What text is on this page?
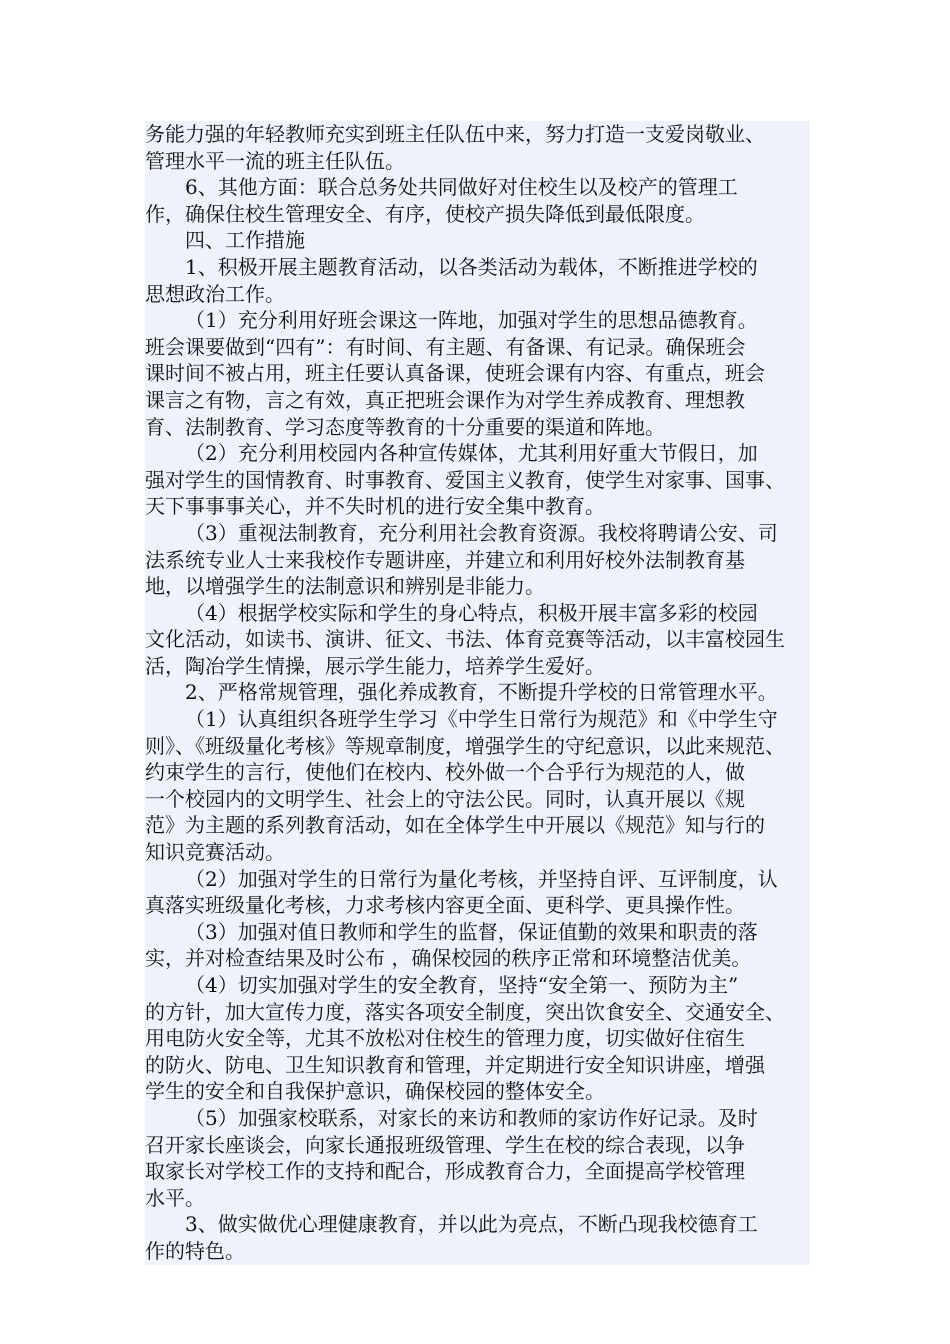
务能力强的年轻教师充实到班主任队伍中来，努力打造一支爱岗敬业、
管理水平一流的班主任队伍。
6、其他方面：联合总务处共同做好对住校生以及校产的管理工
作，确保住校生管理安全、有序，使校产损失降低到最低限度。
四、工作措施
1、积极开展主题教育活动，以各类活动为载体，不断推进学校的
思想政治工作。
（1）充分利用好班会课这一阵地，加强对学生的思想品德教育。
班会课要做到“四有”：有时间、有主题、有备课、有记录。确保班会
课时间不被占用，班主任要认真备课，使班会课有内容、有重点，班会
课言之有物，言之有效，真正把班会课作为对学生养成教育、理想教
育、法制教育、学习态度等教育的十分重要的渠道和阵地。
（2）充分利用校园内各种宣传媒体，尤其利用好重大节假日，加
强对学生的国情教育、时事教育、爱国主义教育，使学生对家事、国事、
天下事事事关心，并不失时机的进行安全集中教育。
（3）重视法制教育，充分利用社会教育资源。我校将聘请公安、司
法系统专业人士来我校作专题讲座，并建立和利用好校外法制教育基
地，以增强学生的法制意识和辨别是非能力。
（4）根据学校实际和学生的身心特点，积极开展丰富多彩的校园
文化活动，如读书、演讲、征文、书法、体育竞赛等活动，以丰富校园生
活，陶冶学生情操，展示学生能力，培养学生爱好。
2、严格常规管理，强化养成教育，不断提升学校的日常管理水平。
（1）认真组织各班学生学习《中学生日常行为规范》和《中学生守
则》、《班级量化考核》等规章制度，增强学生的守纪意识，以此来规范、
约束学生的言行，使他们在校内、校外做一个合乎行为规范的人，做
一个校园内的文明学生、社会上的守法公民。同时，认真开展以《规
范》为主题的系列教育活动，如在全体学生中开展以《规范》知与行的
知识竞赛活动。
（2）加强对学生的日常行为量化考核，并坚持自评、互评制度，认
真落实班级量化考核，力求考核内容更全面、更科学、更具操作性。
（3）加强对值日教师和学生的监督，保证值勤的效果和职责的落
实，并对检查结果及时公布 ，确保校园的秩序正常和环境整洁优美。
（4）切实加强对学生的安全教育，坚持“安全第一、预防为主”
的方针，加大宣传力度，落实各项安全制度，突出饮食安全、交通安全、
用电防火安全等，尤其不放松对住校生的管理力度，切实做好住宿生
的防火、防电、卫生知识教育和管理，并定期进行安全知识讲座，增强
学生的安全和自我保护意识，确保校园的整体安全。
（5）加强家校联系，对家长的来访和教师的家访作好记录。及时
召开家长座谈会，向家长通报班级管理、学生在校的综合表现，以争
取家长对学校工作的支持和配合，形成教育合力，全面提高学校管理
水平。
3、做实做优心理健康教育，并以此为亮点，不断凸现我校德育工
作的特色。
